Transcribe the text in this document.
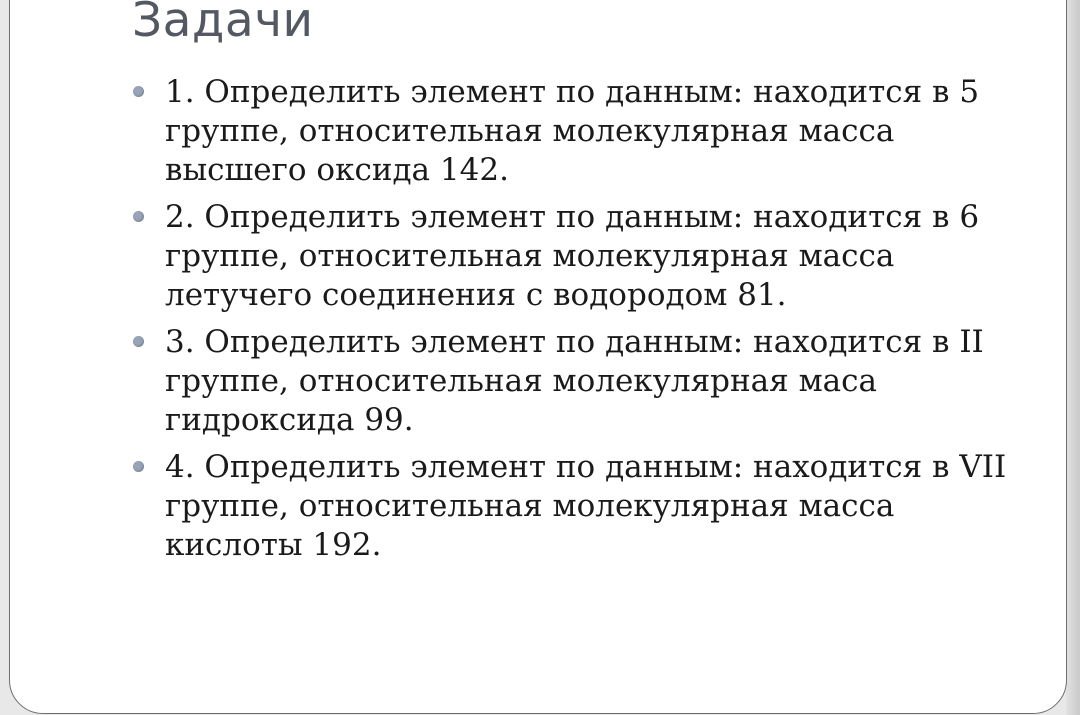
Задачи
1. Определить элемент по данным: находится в 5 группе, относительная молекулярная масса высшего оксида 142.
2. Определить элемент по данным: находится в 6 группе, относительная молекулярная масса летучего соединения с водородом 81.
3. Определить элемент по данным: находится в II группе, относительная молекулярная маса гидроксида 99.
4. Определить элемент по данным: находится в VII группе, относительная молекулярная масса кислоты 192.
